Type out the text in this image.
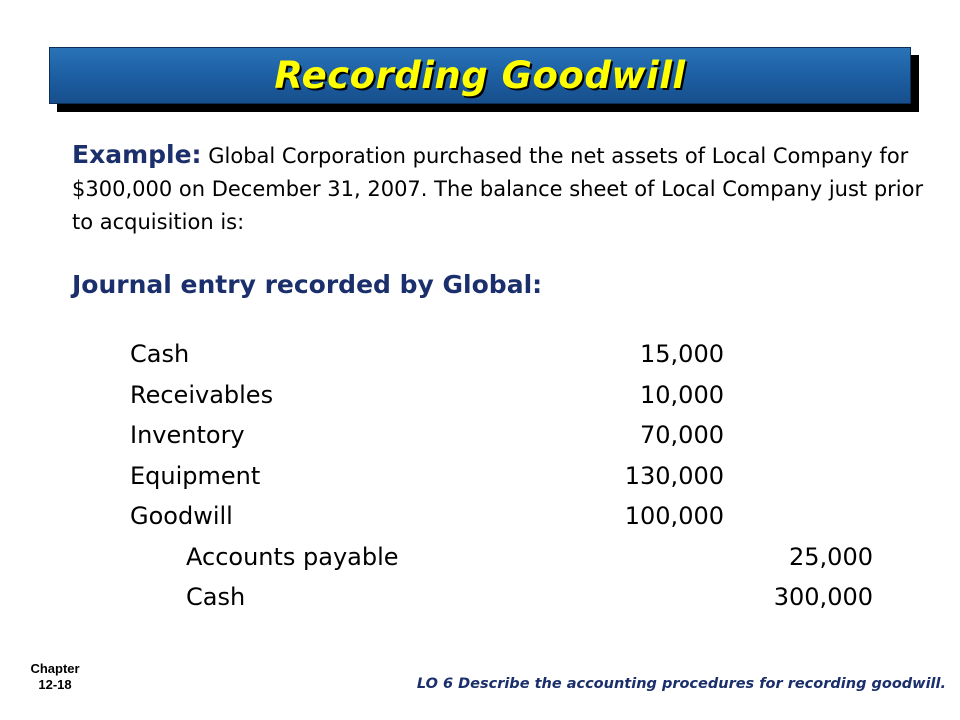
Recording Goodwill
Example: Global Corporation purchased the net assets of Local Company for $300,000 on December 31, 2007. The balance sheet of Local Company just prior to acquisition is:
Journal entry recorded by Global:
Cash	15,000
Receivables	10,000
Inventory	70,000
Equipment	130,000
Goodwill	100,000
Accounts payable	25,000
Cash	300,000
Chapter
12-18	LO 6 Describe the accounting procedures for recording goodwill.
